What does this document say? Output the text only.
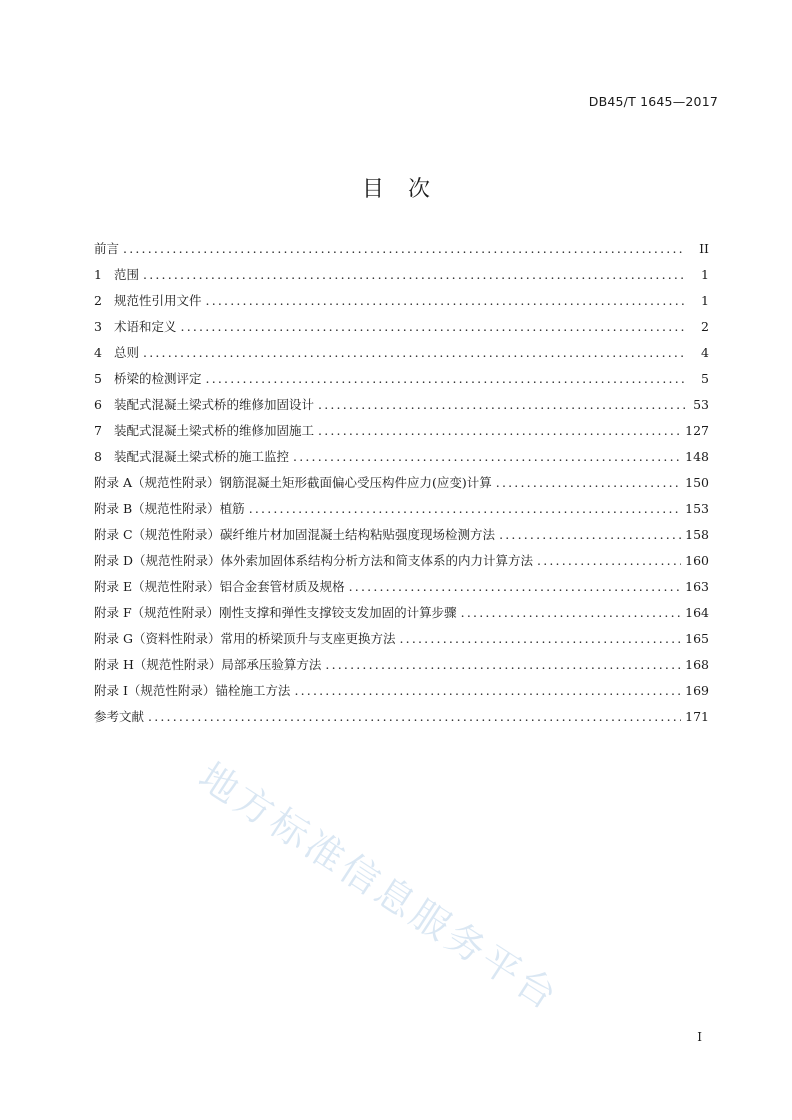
DB45/T 1645—2017
目 次
前言 .....	II
1 范围 .....	1
2 规范性引用文件 .....	1
3 术语和定义 .....	2
4 总则 .....	4
5 桥梁的检测评定 .....	5
6 装配式混凝土梁式桥的维修加固设计 .....	53
7 装配式混凝土梁式桥的维修加固施工 .....	127
8 装配式混凝土梁式桥的施工监控 .....	148
附录 A（规范性附录） 钢筋混凝土矩形截面偏心受压构件应力(应变)计算 .....	150
附录 B（规范性附录） 植筋 .....	153
附录 C（规范性附录） 碳纤维片材加固混凝土结构粘贴强度现场检测方法 .....	158
附录 D（规范性附录） 体外索加固体系结构分析方法和简支体系的内力计算方法 .....	160
附录 E（规范性附录） 铝合金套管材质及规格 .....	163
附录 F（规范性附录） 刚性支撑和弹性支撑铰支发加固的计算步骤 .....	164
附录 G（资料性附录） 常用的桥梁顶升与支座更换方法 .....	165
附录 H（规范性附录） 局部承压验算方法 .....	168
附录 I（规范性附录） 锚栓施工方法 .....	169
参考文献 .....	171
地方标准信息服务平台
I
